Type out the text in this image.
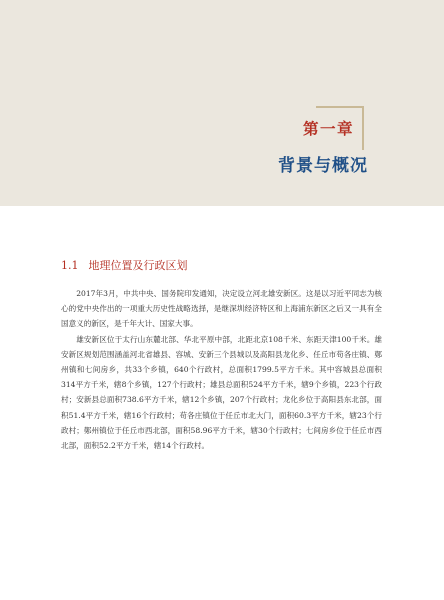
第一章
背景与概况
1.1 地理位置及行政区划

2017年3月，中共中央、国务院印发通知，决定设立河北雄安新区。这是以习近平同志为核心的党中央作出的一项重大历史性战略选择，是继深圳经济特区和上海浦东新区之后又一具有全国意义的新区，是千年大计、国家大事。

雄安新区位于太行山东麓北部、华北平原中部，北距北京108千米、东距天津100千米。雄安新区规划范围涵盖河北省雄县、容城、安新三个县城以及高阳县龙化乡、任丘市苟各庄镇、鄚州镇和七间房乡，共33个乡镇，640个行政村，总面积1799.5平方千米。其中容城县总面积314平方千米，辖8个乡镇，127个行政村；雄县总面积524平方千米，辖9个乡镇，223个行政村；安新县总面积738.6平方千米，辖12个乡镇，207个行政村；龙化乡位于高阳县东北部，面积51.4平方千米，辖16个行政村；苟各庄镇位于任丘市北大门，面积60.3平方千米，辖23个行政村；鄚州镇位于任丘市西北部，面积58.96平方千米，辖30个行政村；七间房乡位于任丘市西北部，面积52.2平方千米，辖14个行政村。
